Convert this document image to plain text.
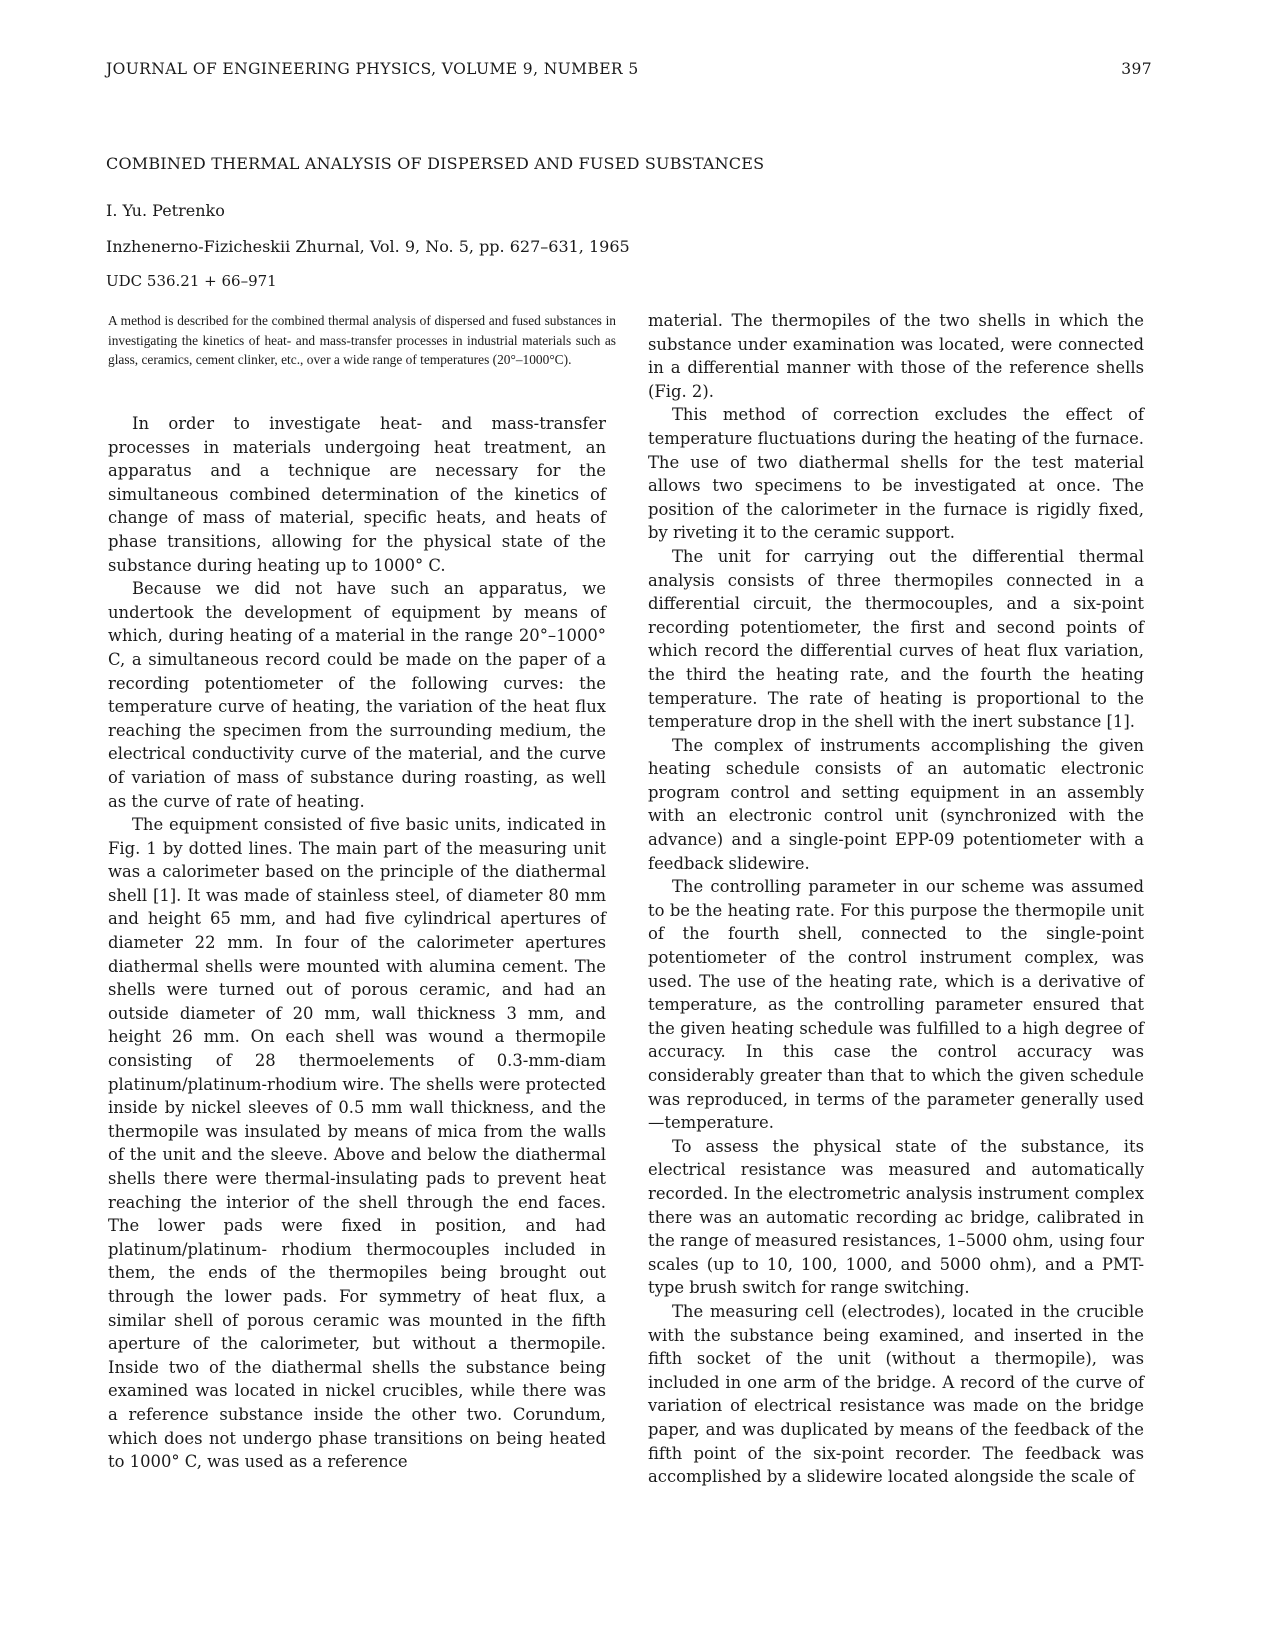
JOURNAL OF ENGINEERING PHYSICS, VOLUME 9, NUMBER 5	397
COMBINED THERMAL ANALYSIS OF DISPERSED AND FUSED SUBSTANCES
I. Yu. Petrenko
Inzhenerno-Fizicheskii Zhurnal, Vol. 9, No. 5, pp. 627–631, 1965
UDC 536.21 + 66–971
A method is described for the combined thermal analysis of dispersed and fused substances in investigating the kinetics of heat- and mass-transfer processes in industrial materials such as glass, ceramics, cement clinker, etc., over a wide range of temperatures (20°–1000°C).

In order to investigate heat- and mass-transfer processes in materials undergoing heat treatment, an apparatus and a technique are necessary for the simultaneous combined determination of the kinetics of change of mass of material, specific heats, and heats of phase transitions, allowing for the physical state of the substance during heating up to 1000° C.

Because we did not have such an apparatus, we undertook the development of equipment by means of which, during heating of a material in the range 20°–1000° C, a simultaneous record could be made on the paper of a recording potentiometer of the following curves: the temperature curve of heating, the variation of the heat flux reaching the specimen from the surrounding medium, the electrical conductivity curve of the material, and the curve of variation of mass of substance during roasting, as well as the curve of rate of heating.

The equipment consisted of five basic units, indicated in Fig. 1 by dotted lines. The main part of the measuring unit was a calorimeter based on the principle of the diathermal shell [1]. It was made of stainless steel, of diameter 80 mm and height 65 mm, and had five cylindrical apertures of diameter 22 mm. In four of the calorimeter apertures diathermal shells were mounted with alumina cement. The shells were turned out of porous ceramic, and had an outside diameter of 20 mm, wall thickness 3 mm, and height 26 mm. On each shell was wound a thermopile consisting of 28 thermoelements of 0.3-mm-diam platinum/platinum-rhodium wire. The shells were protected inside by nickel sleeves of 0.5 mm wall thickness, and the thermopile was insulated by means of mica from the walls of the unit and the sleeve. Above and below the diathermal shells there were thermal-insulating pads to prevent heat reaching the interior of the shell through the end faces. The lower pads were fixed in position, and had platinum/platinum- rhodium thermocouples included in them, the ends of the thermopiles being brought out through the lower pads. For symmetry of heat flux, a similar shell of porous ceramic was mounted in the fifth aperture of the calorimeter, but without a thermopile. Inside two of the diathermal shells the substance being examined was located in nickel crucibles, while there was a reference substance inside the other two. Corundum, which does not undergo phase transitions on being heated to 1000° C, was used as a reference

material. The thermopiles of the two shells in which the substance under examination was located, were connected in a differential manner with those of the reference shells (Fig. 2).

This method of correction excludes the effect of temperature fluctuations during the heating of the furnace. The use of two diathermal shells for the test material allows two specimens to be investigated at once. The position of the calorimeter in the furnace is rigidly fixed, by riveting it to the ceramic support.

The unit for carrying out the differential thermal analysis consists of three thermopiles connected in a differential circuit, the thermocouples, and a six-point recording potentiometer, the first and second points of which record the differential curves of heat flux variation, the third the heating rate, and the fourth the heating temperature. The rate of heating is proportional to the temperature drop in the shell with the inert substance [1].

The complex of instruments accomplishing the given heating schedule consists of an automatic electronic program control and setting equipment in an assembly with an electronic control unit (synchronized with the advance) and a single-point EPP-09 potentiometer with a feedback slidewire.

The controlling parameter in our scheme was assumed to be the heating rate. For this purpose the thermopile unit of the fourth shell, connected to the single-point potentiometer of the control instrument complex, was used. The use of the heating rate, which is a derivative of temperature, as the controlling parameter ensured that the given heating schedule was fulfilled to a high degree of accuracy. In this case the control accuracy was considerably greater than that to which the given schedule was reproduced, in terms of the parameter generally used—temperature.

To assess the physical state of the substance, its electrical resistance was measured and automatically recorded. In the electrometric analysis instrument complex there was an automatic recording ac bridge, calibrated in the range of measured resistances, 1–5000 ohm, using four scales (up to 10, 100, 1000, and 5000 ohm), and a PMT-type brush switch for range switching.

The measuring cell (electrodes), located in the crucible with the substance being examined, and inserted in the fifth socket of the unit (without a thermopile), was included in one arm of the bridge. A record of the curve of variation of electrical resistance was made on the bridge paper, and was duplicated by means of the feedback of the fifth point of the six-point recorder. The feedback was accomplished by a slidewire located alongside the scale of
